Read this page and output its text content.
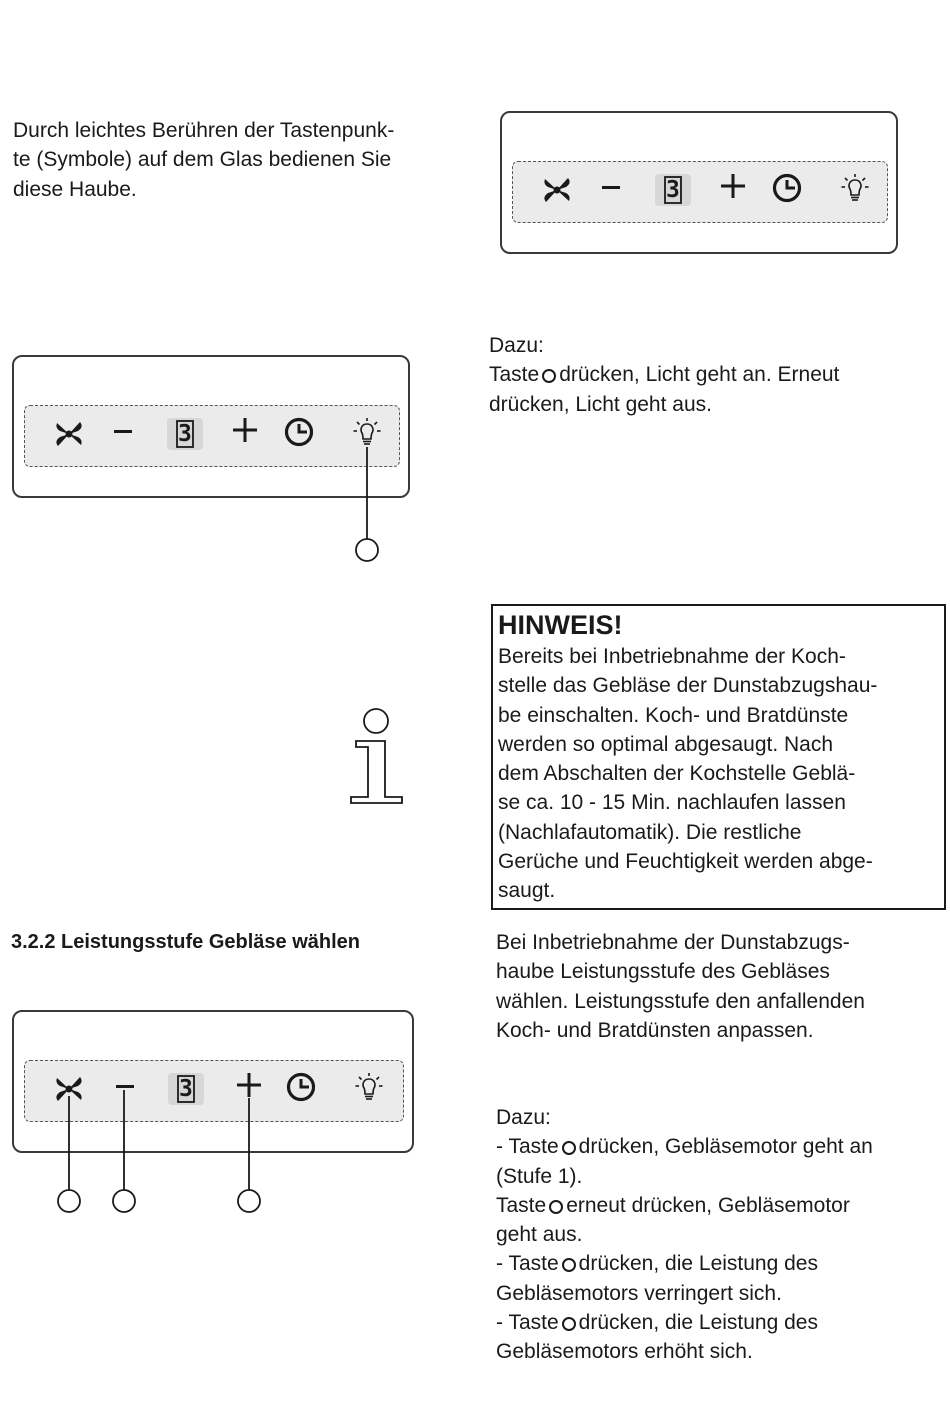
Durch leichtes Berühren der Tastenpunk-
te (Symbole) auf dem Glas bedienen Sie
diese Haube.	3
3
3
Dazu:
Taste drücken, Licht geht an. Erneut
drücken, Licht geht aus.
HINWEIS!
Bereits bei Inbetriebnahme der Koch-
stelle das Gebläse der Dunstabzugshau-
be einschalten. Koch- und Bratdünste
werden so optimal abgesaugt. Nach
dem Abschalten der Kochstelle Geblä-
se ca. 10 - 15 Min. nachlaufen lassen
(Nachlafautomatik). Die restliche
Gerüche und Feuchtigkeit werden abge-
saugt.
3.2.2 Leistungsstufe Gebläse wählen	Bei Inbetriebnahme der Dunstabzugs-
haube Leistungsstufe des Gebläses
wählen. Leistungsstufe den anfallenden
Koch- und Bratdünsten anpassen.
Dazu:
- Taste drücken, Gebläsemotor geht an
(Stufe 1).
Taste erneut drücken, Gebläsemotor
geht aus.
- Taste drücken, die Leistung des
Gebläsemotors verringert sich.
- Taste drücken, die Leistung des
Gebläsemotors erhöht sich.
